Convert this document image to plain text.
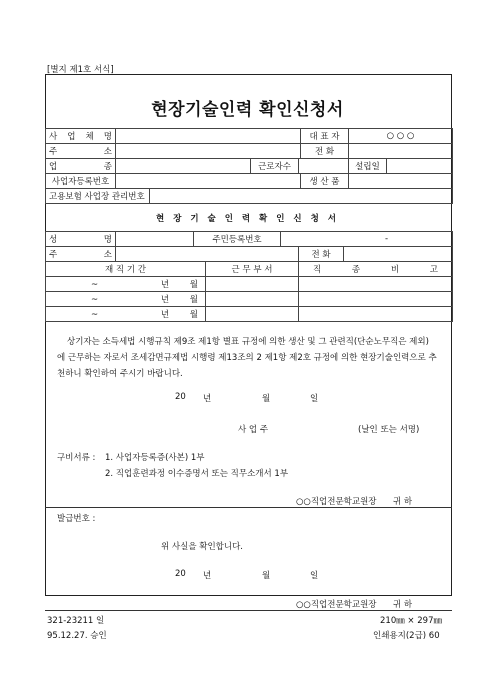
[별지 제1호 서식]
현장기술인력 확인신청서
사 업 체 명		대 표 자	○ ○ ○
주 소		전 화	
업 종		근로자수		설립일	
사업자등록번호		생 산 품	
고용보험 사업장 관리번호	
현 장 기 술 인 력 확 인 신 청 서
성 명		주민등록번호	-
주 소		전 화	
재 직 기 간	근 무 부 서	직 종 비 고
~ 년 월		
~ 년 월		
~ 년 월		
상기자는 소득세법 시행규칙 제9조 제1항 별표 규정에 의한 생산 및 그 관련직(단순노무직은 제외)에 근무하는 자로서 조세감면규제법 시행령 제13조의 2 제1항 제2호 규정에 의한 현장기술인력으로 추천하니 확인하여 주시기 바랍니다.
20 년	월	일
사 업 주	(날인 또는 서명)
구비서류 : 1. 사업자등록증(사본) 1부
2. 직업훈련과정 이수증명서 또는 직무소개서 1부
○○직업전문학교원장 귀 하
발급번호 :
위 사실을 확인합니다.
20 년	월	일
○○직업전문학교원장 귀 하
321-23211 일	210㎜ × 297㎜
95.12.27. 승인	인쇄용지(2급) 60
